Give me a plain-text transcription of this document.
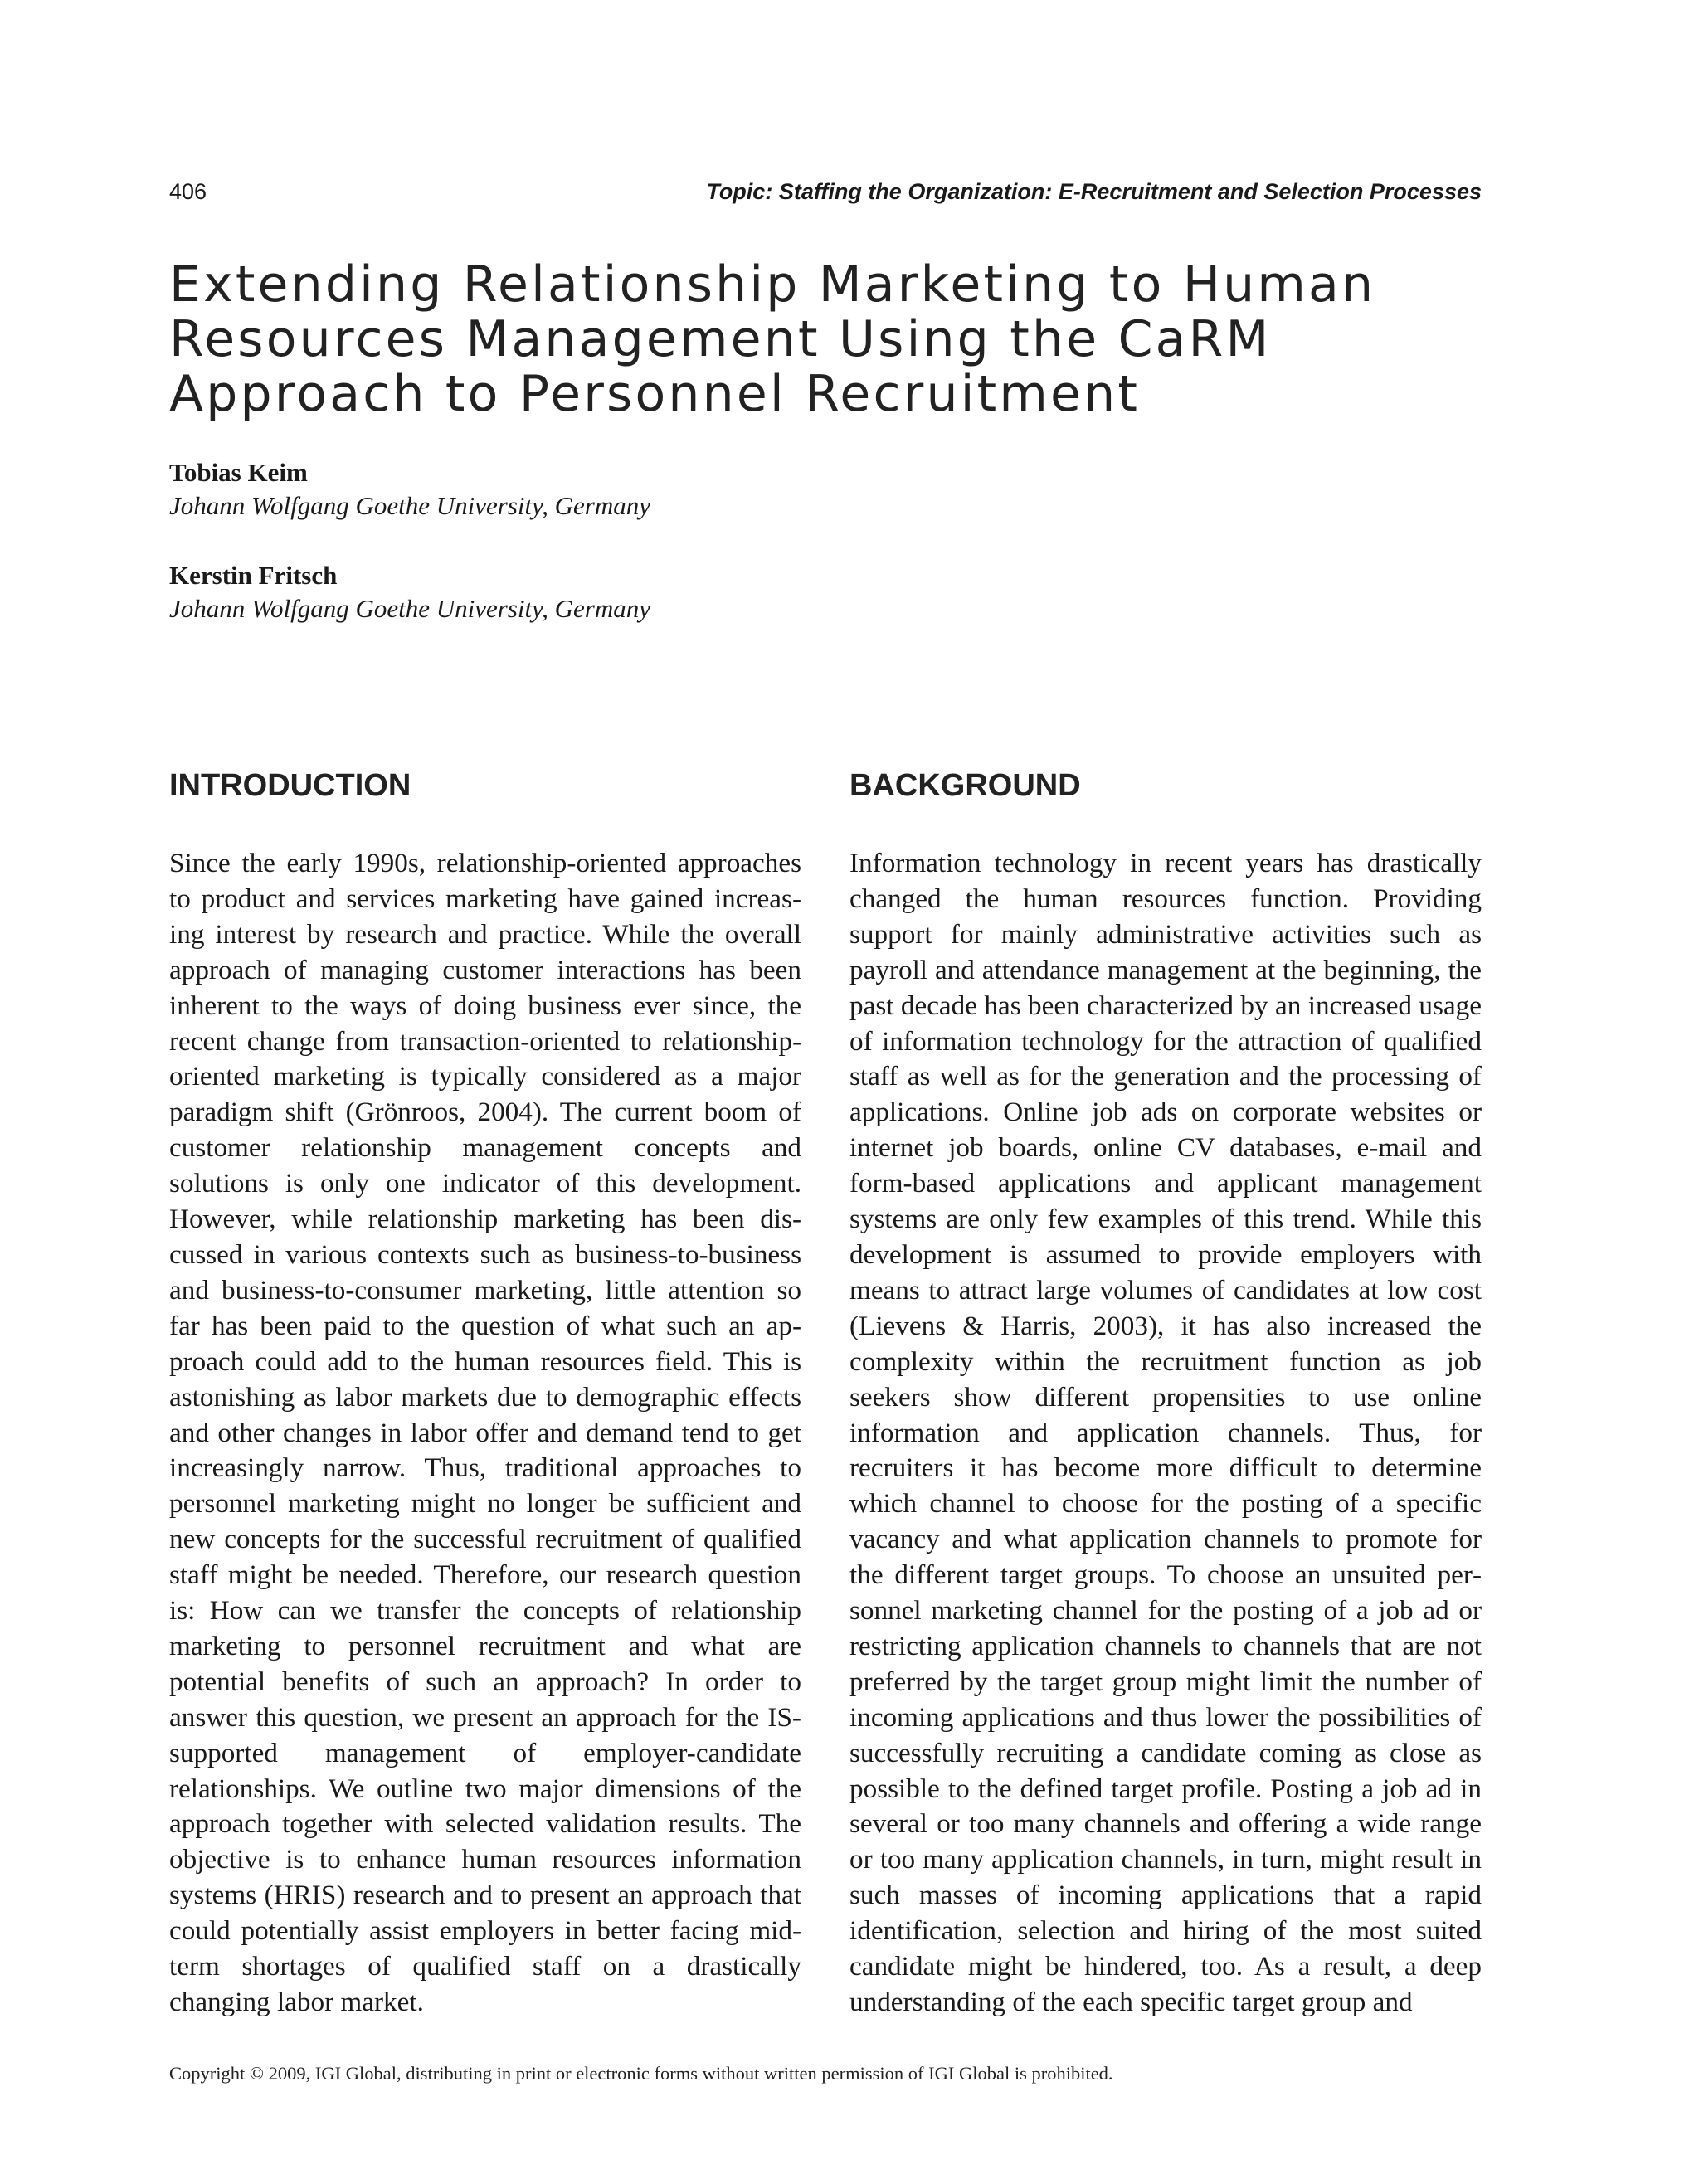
406	Topic: Staffing the Organization: E-Recruitment and Selection Processes
Extending Relationship Marketing to Human
Resources Management Using the CaRM
Approach to Personnel Recruitment
Tobias Keim
Johann Wolfgang Goethe University, Germany
Kerstin Fritsch
Johann Wolfgang Goethe University, Germany
INTRODUCTION

Since the early 1990s, relationship-oriented approaches to product and services marketing have gained increasing interest by research and practice. While the overall approach of managing customer interactions has been inherent to the ways of doing business ever since, the recent change from transaction-oriented to relationship-oriented marketing is typically considered as a major paradigm shift (Grönroos, 2004). The current boom of customer relationship management concepts and solutions is only one indicator of this development. However, while relationship marketing has been discussed in various contexts such as business-to-business and business-to-consumer marketing, little attention so far has been paid to the question of what such an approach could add to the human resources field. This is astonishing as labor markets due to demographic effects and other changes in labor offer and demand tend to get increasingly narrow. Thus, traditional approaches to personnel marketing might no longer be sufficient and new concepts for the successful recruitment of qualified staff might be needed. Therefore, our research question is: How can we transfer the concepts of relationship marketing to personnel recruitment and what are potential benefits of such an approach? In order to answer this question, we present an approach for the IS-supported management of employer-candidate relationships. We outline two major dimensions of the approach together with selected validation results. The objective is to enhance human resources information systems (HRIS) research and to present an approach that could potentially assist employers in better facing mid-term shortages of qualified staff on a drastically changing labor market.

BACKGROUND

Information technology in recent years has drastically changed the human resources function. Providing support for mainly administrative activities such as payroll and attendance management at the beginning, the past decade has been characterized by an increased usage of information technology for the attraction of qualified staff as well as for the generation and the processing of applications. Online job ads on corporate websites or internet job boards, online CV databases, e-mail and form-based applications and applicant management systems are only few examples of this trend. While this development is assumed to provide employers with means to attract large volumes of candidates at low cost (Lievens & Harris, 2003), it has also increased the complexity within the recruitment function as job seekers show different propensities to use online information and application channels. Thus, for recruiters it has become more difficult to determine which channel to choose for the posting of a specific vacancy and what application channels to promote for the different target groups. To choose an unsuited personnel marketing channel for the posting of a job ad or restricting application channels to channels that are not preferred by the target group might limit the number of incoming applications and thus lower the possibilities of successfully recruiting a candidate coming as close as possible to the defined target profile. Posting a job ad in several or too many channels and offering a wide range or too many application channels, in turn, might result in such masses of incoming applications that a rapid identification, selection and hiring of the most suited candidate might be hindered, too. As a result, a deep understanding of the each specific target group and

Copyright © 2009, IGI Global, distributing in print or electronic forms without written permission of IGI Global is prohibited.
